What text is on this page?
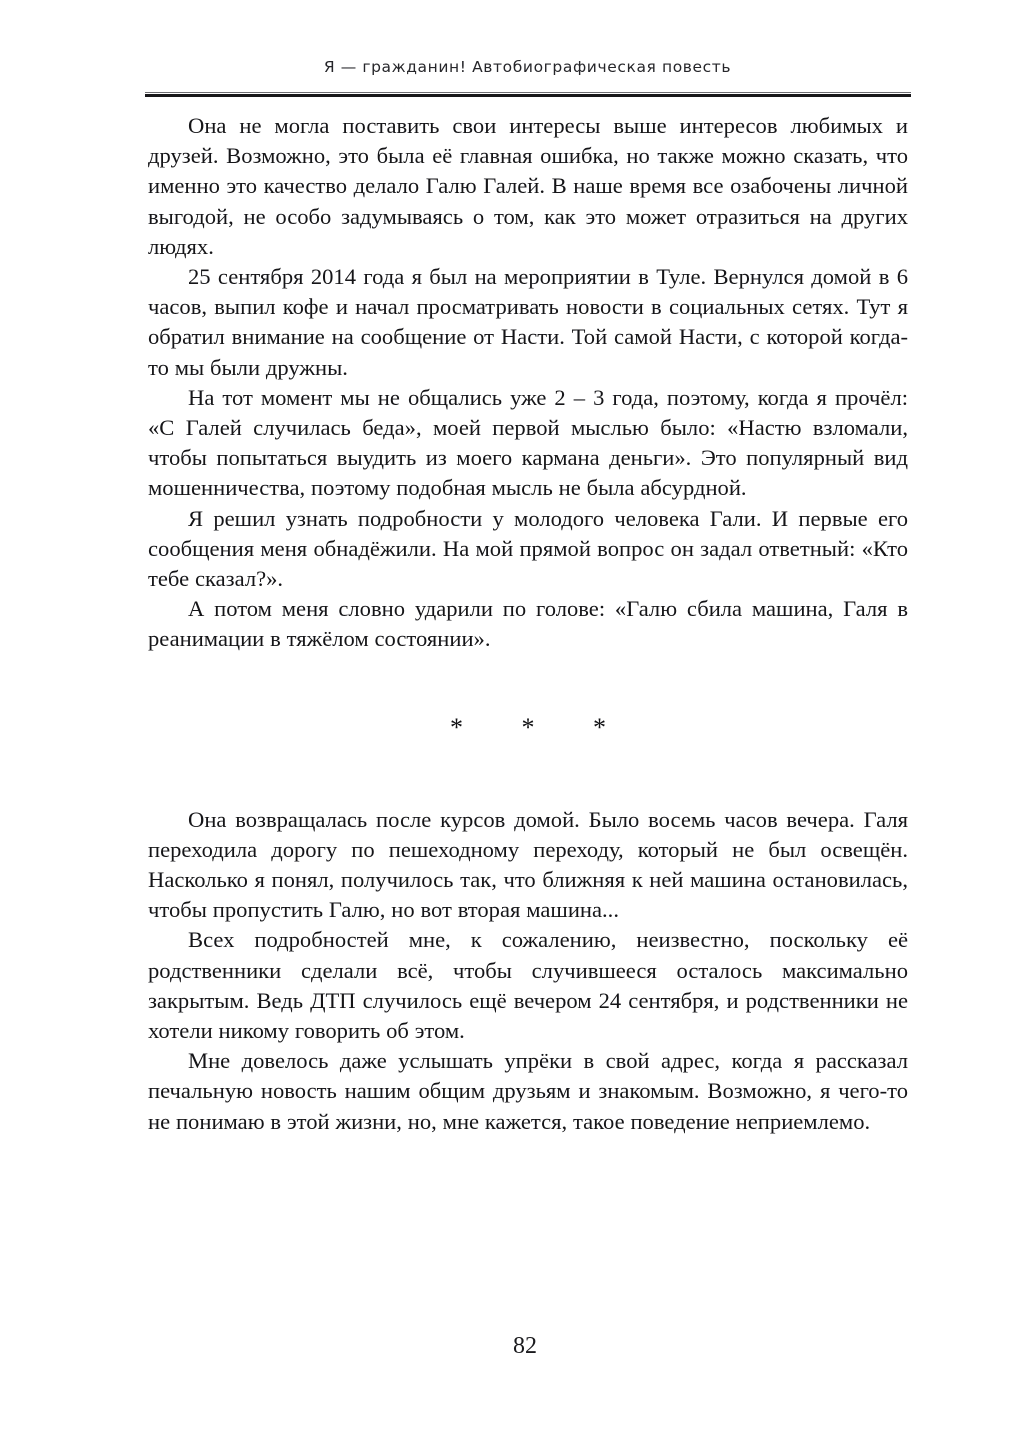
Я — гражданин! Автобиографическая повесть

Она не могла поставить свои интересы выше интересов любимых и друзей. Возможно, это была её главная ошибка, но также можно сказать, что именно это качество делало Галю Галей. В наше время все озабочены личной выгодой, не особо задумываясь о том, как это может отразиться на других людях.

25 сентября 2014 года я был на мероприятии в Туле. Вернулся домой в 6 часов, выпил кофе и начал просматривать новости в социальных сетях. Тут я обратил внимание на сообщение от Насти. Той самой Насти, с которой когда-то мы были дружны.

На тот момент мы не общались уже 2 – 3 года, поэтому, когда я прочёл: «С Галей случилась беда», моей первой мыслью было: «Настю взломали, чтобы попытаться выудить из моего кармана деньги». Это популярный вид мошенничества, поэтому подобная мысль не была абсурдной.

Я решил узнать подробности у молодого человека Гали. И первые его сообщения меня обнадёжили. На мой прямой вопрос он задал ответный: «Кто тебе сказал?».

А потом меня словно ударили по голове: «Галю сбила машина, Галя в реанимации в тяжёлом состоянии».

* * *

Она возвращалась после курсов домой. Было восемь часов вечера. Галя переходила дорогу по пешеходному переходу, который не был освещён. Насколько я понял, получилось так, что ближняя к ней машина остановилась, чтобы пропустить Галю, но вот вторая машина...

Всех подробностей мне, к сожалению, неизвестно, поскольку её родственники сделали всё, чтобы случившееся осталось максимально закрытым. Ведь ДТП случилось ещё вечером 24 сентября, и родственники не хотели никому говорить об этом.

Мне довелось даже услышать упрёки в свой адрес, когда я рассказал печальную новость нашим общим друзьям и знакомым. Возможно, я чего-то не понимаю в этой жизни, но, мне кажется, такое поведение неприемлемо.

82
